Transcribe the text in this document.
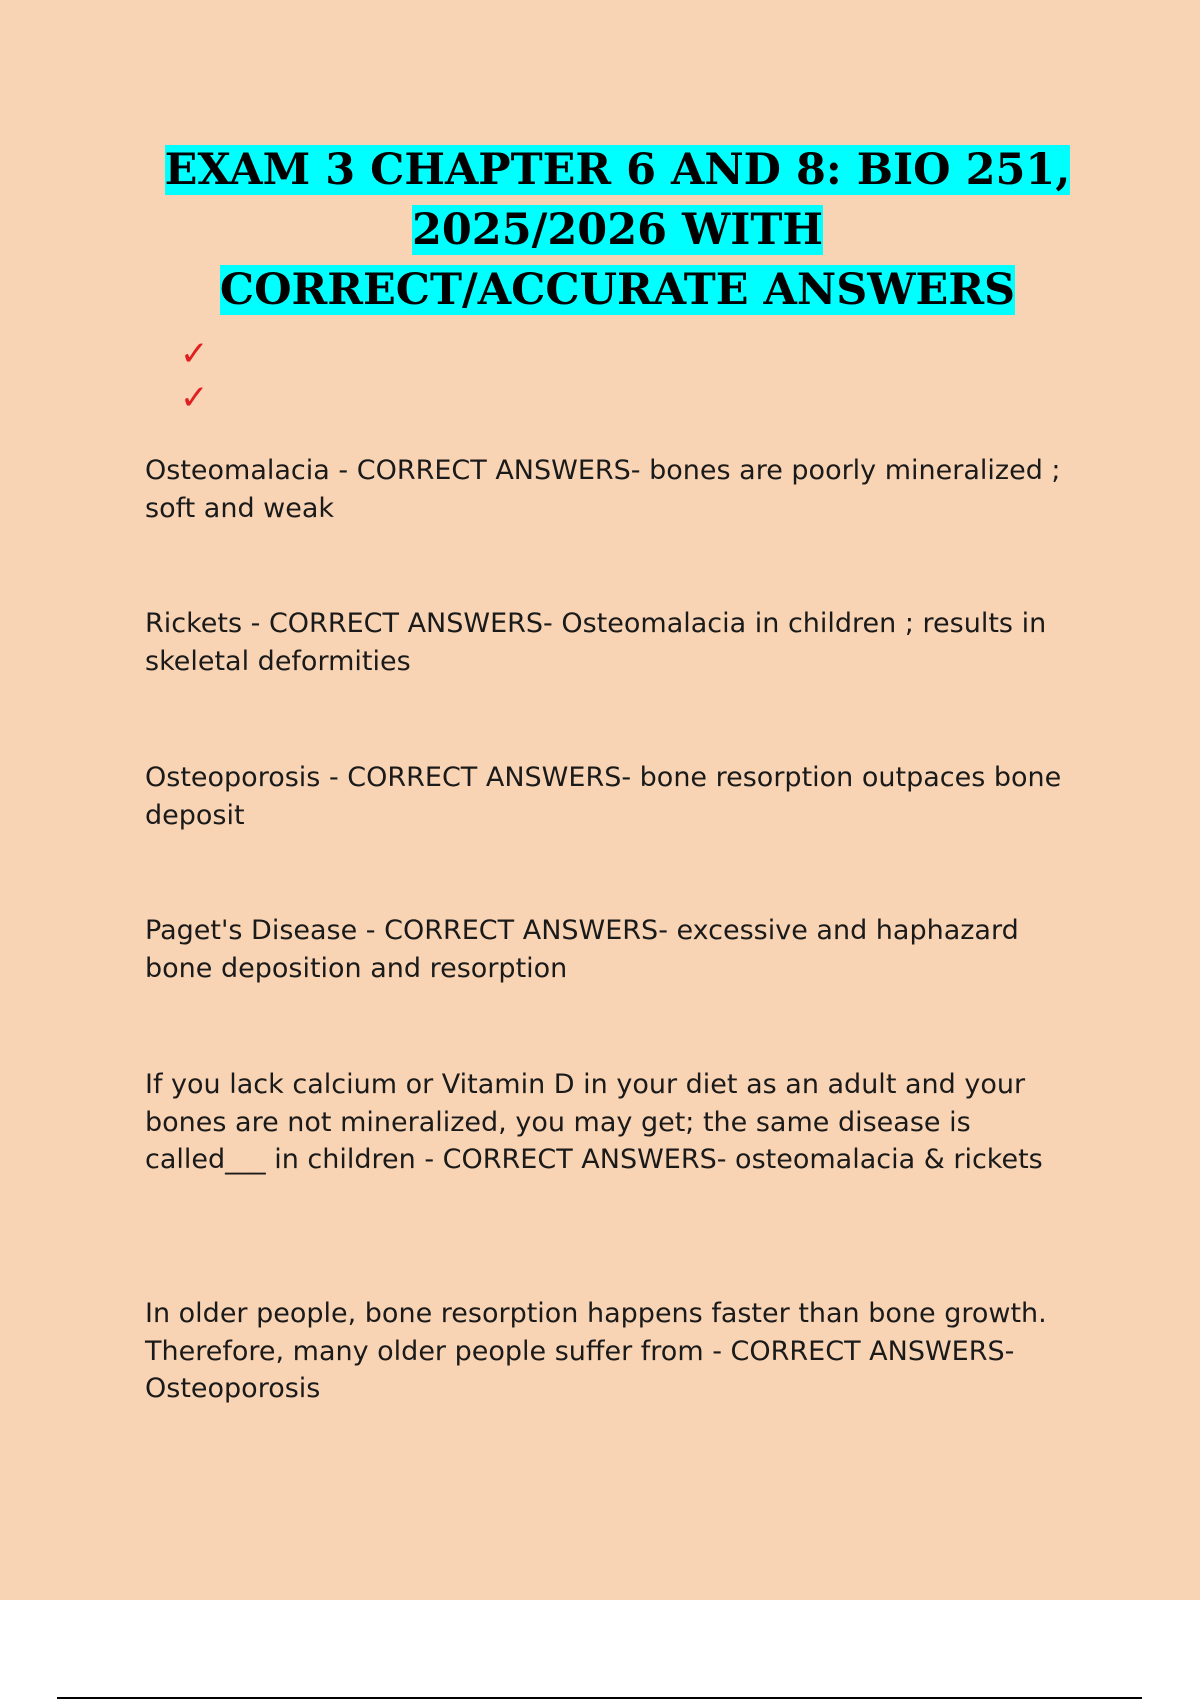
EXAM 3 CHAPTER 6 AND 8: BIO 251,
2025/2026 WITH
CORRECT/ACCURATE ANSWERS
✓
✓

Osteomalacia - CORRECT ANSWERS- bones are poorly mineralized ; soft and weak

Rickets - CORRECT ANSWERS- Osteomalacia in children ; results in skeletal deformities

Osteoporosis - CORRECT ANSWERS- bone resorption outpaces bone deposit

Paget's Disease - CORRECT ANSWERS- excessive and haphazard bone deposition and resorption

If you lack calcium or Vitamin D in your diet as an adult and your bones are not mineralized, you may get; the same disease is called___ in children - CORRECT ANSWERS- osteomalacia & rickets

In older people, bone resorption happens faster than bone growth. Therefore, many older people suffer from - CORRECT ANSWERS- Osteoporosis
